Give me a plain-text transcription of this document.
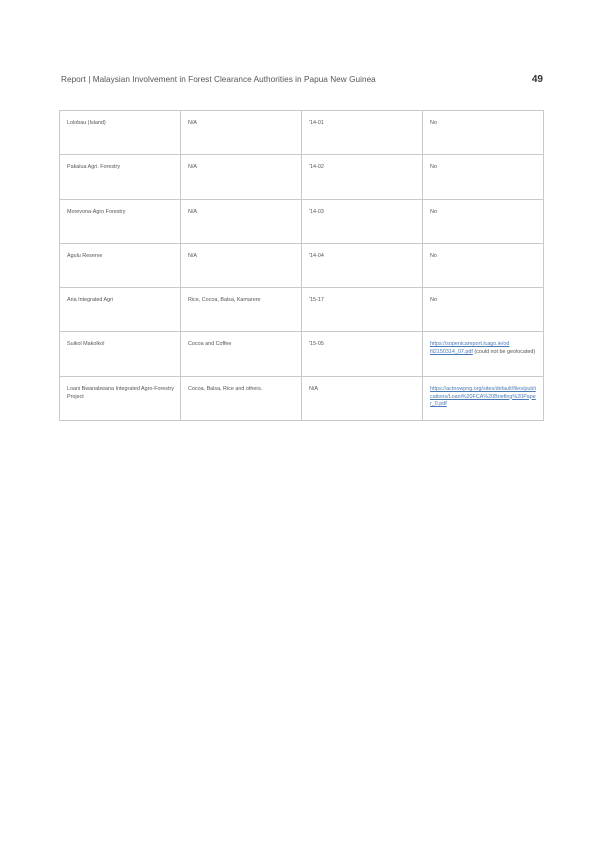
Report | Malaysian Involvement in Forest Clearance Authorities in Papua New Guinea	49
Lolobau (Island)	N/A	'14-01	No
Pakalua Agri. Forestry	N/A	'14-02	No
Morevona-Agro Forestry	N/A	'14-03	No
Agulu Reserve	N/A	'14-04	No
Aria Integrated Agri	Rice, Cocoa, Balsa, Kamarere	'15-17	No
Suikol Makolkol	Cocoa and Coffee	'15-05	https://sopenicareport.icago.ie/od fil2150314_07.pdf (could not be geolocated)
Loani Bwanabwana Integrated Agro-Forestry Project	Cocoa, Balsa, Rice and others.	N/A	https://actnowpng.org/sites/default/files/publications/Loani%20FCA%20Briefing%20Paper_0.pdf
